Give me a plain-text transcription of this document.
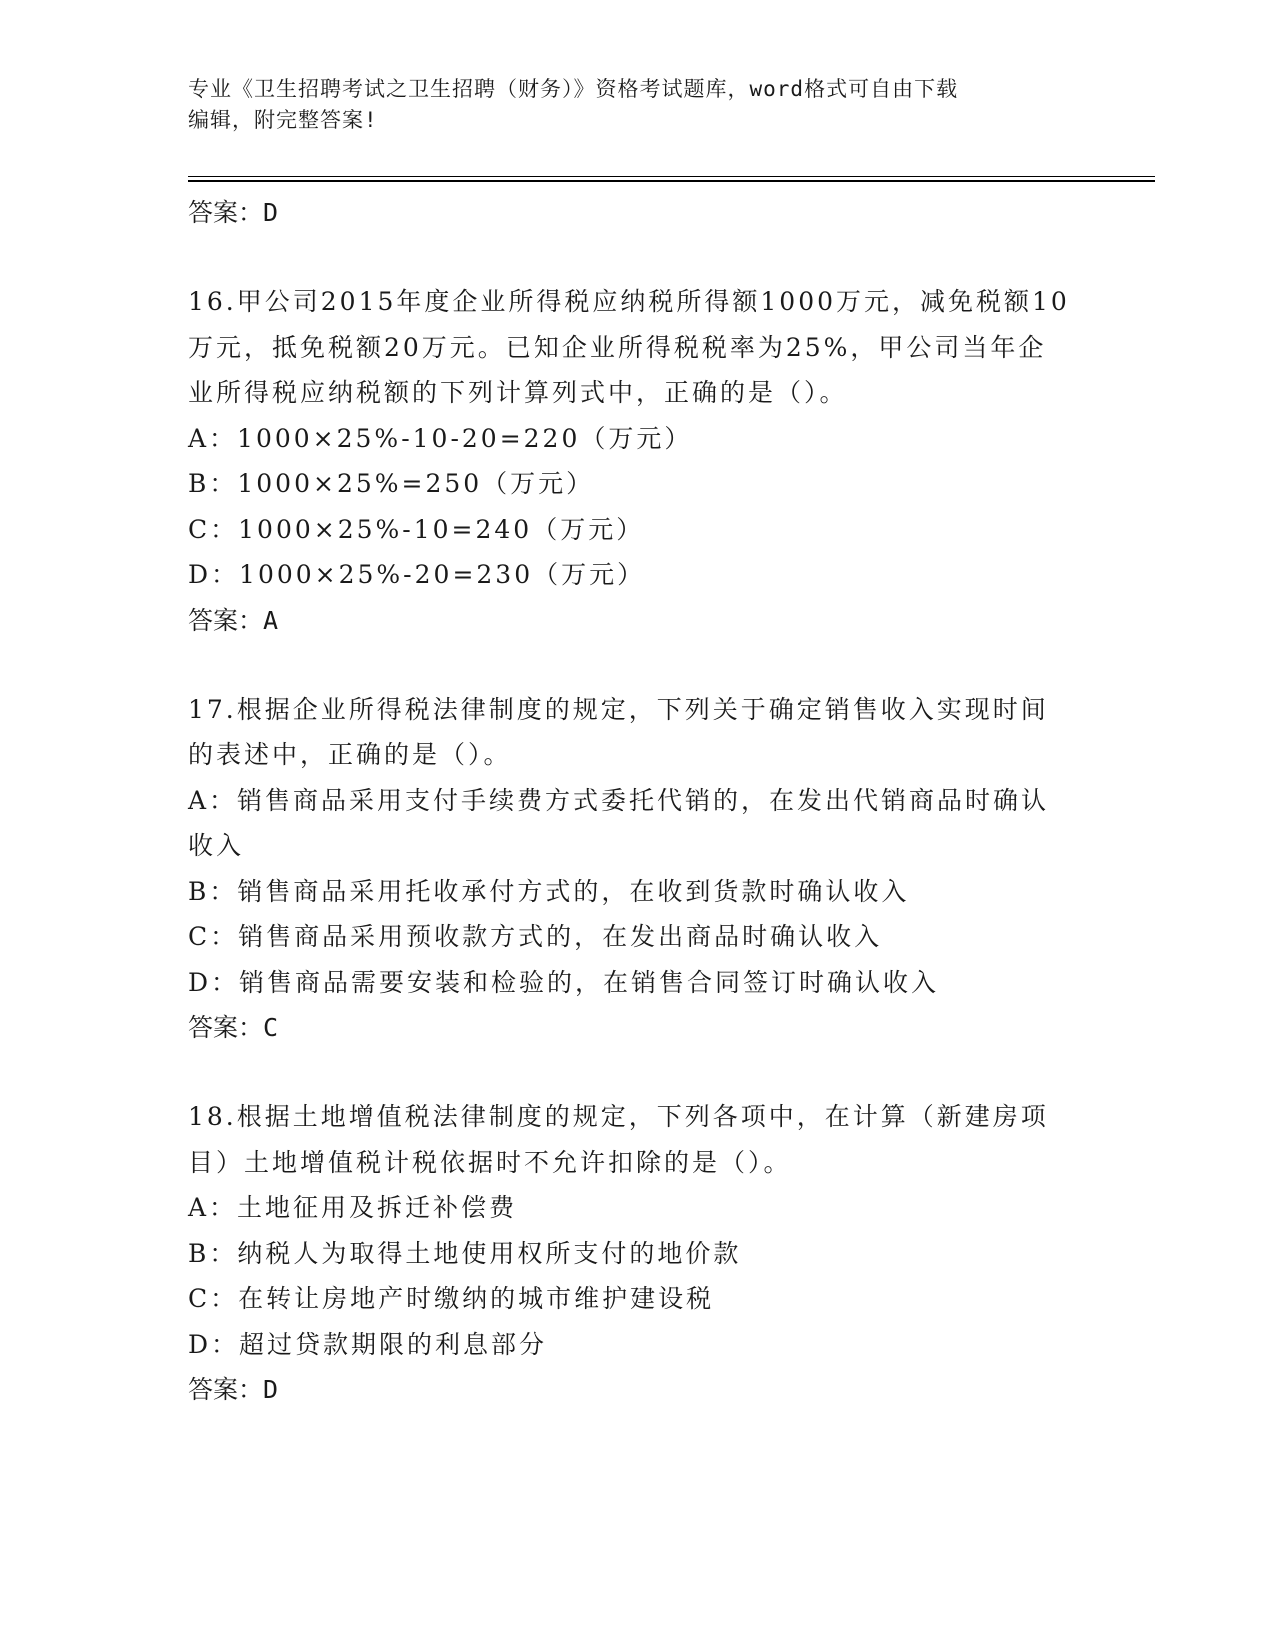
专业《卫生招聘考试之卫生招聘（财务）》资格考试题库，word格式可自由下载
编辑，附完整答案!
答案：D
16.甲公司2015年度企业所得税应纳税所得额1000万元，减免税额10
万元，抵免税额20万元。已知企业所得税税率为25%，甲公司当年企
业所得税应纳税额的下列计算列式中，正确的是（）。
A：1000×25%-10-20=220（万元）
B：1000×25%=250（万元）
C：1000×25%-10=240（万元）
D：1000×25%-20=230（万元）
答案：A
17.根据企业所得税法律制度的规定，下列关于确定销售收入实现时间
的表述中，正确的是（）。
A：销售商品采用支付手续费方式委托代销的，在发出代销商品时确认
收入
B：销售商品采用托收承付方式的，在收到货款时确认收入
C：销售商品采用预收款方式的，在发出商品时确认收入
D：销售商品需要安装和检验的，在销售合同签订时确认收入
答案：C
18.根据土地增值税法律制度的规定，下列各项中，在计算（新建房项
目）土地增值税计税依据时不允许扣除的是（）。
A：土地征用及拆迁补偿费
B：纳税人为取得土地使用权所支付的地价款
C：在转让房地产时缴纳的城市维护建设税
D：超过贷款期限的利息部分
答案：D
